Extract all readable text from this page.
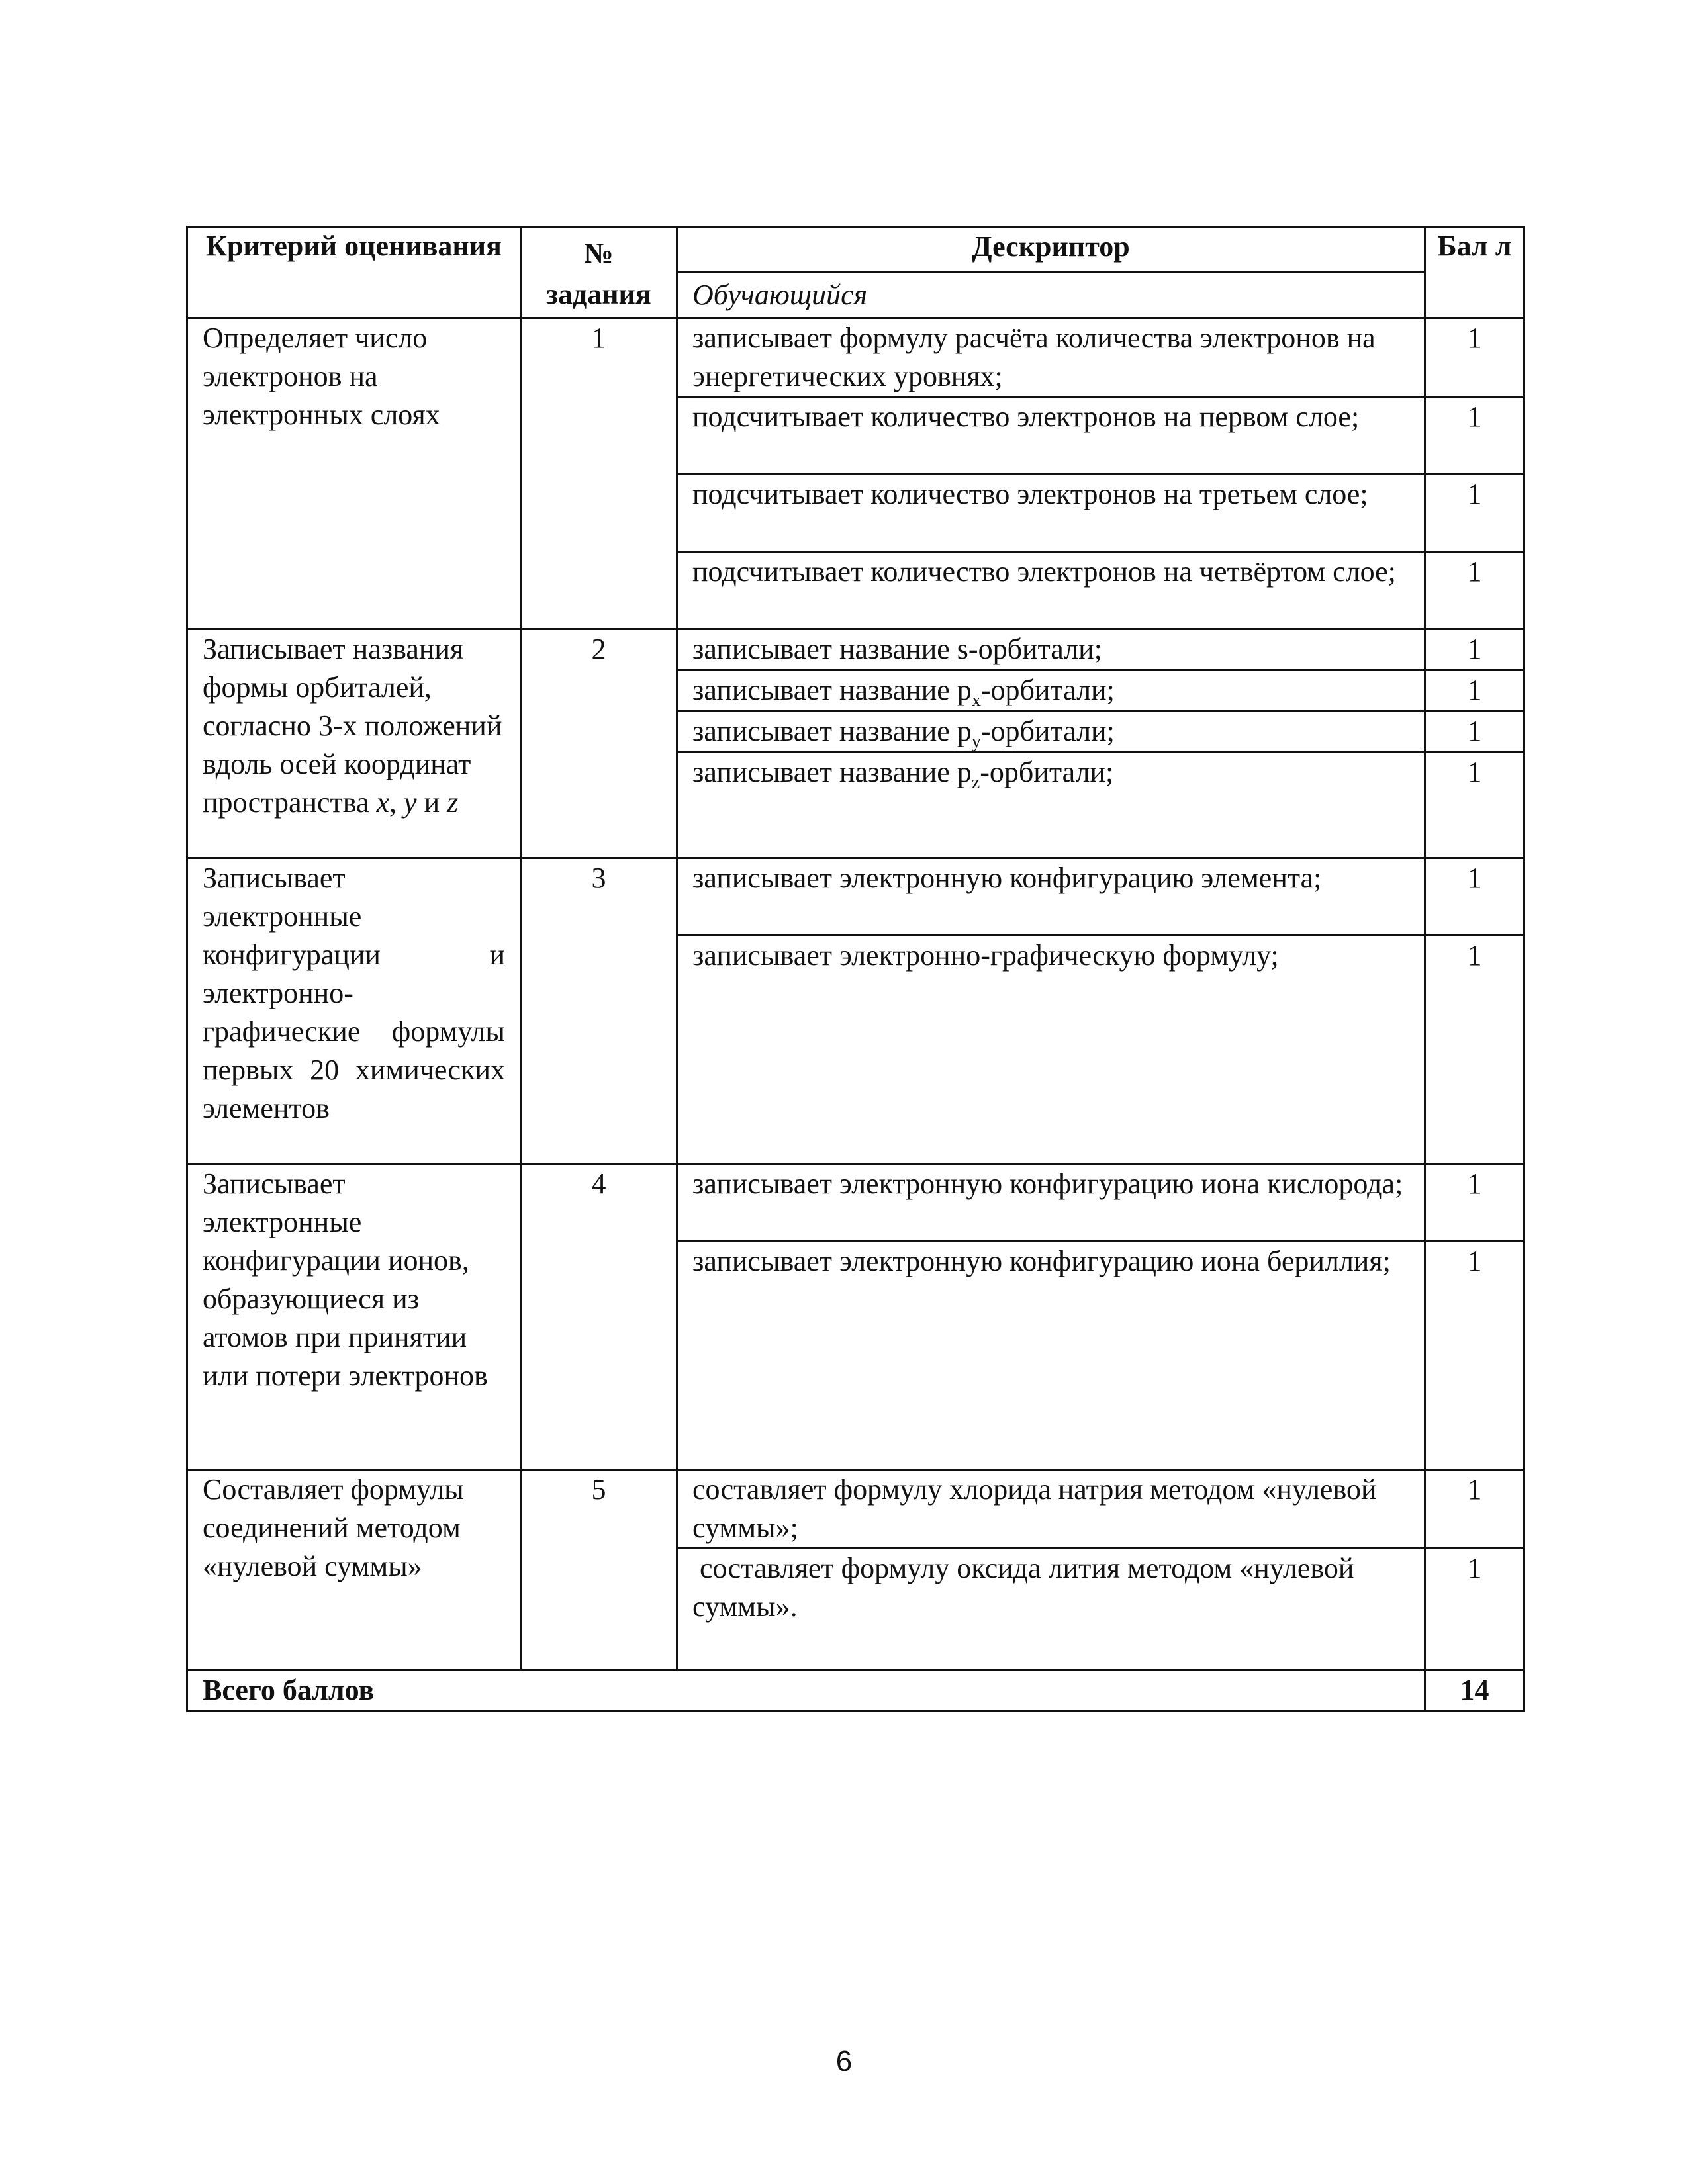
Критерий оценивания	№ задания	Дескриптор	Бал л
		Обучающийся	
Определяет число электронов на электронных слоях	1	записывает формулу расчёта количества электронов на энергетических уровнях;	1
		подсчитывает количество электронов на первом слое;	1
		подсчитывает количество электронов на третьем слое;	1
		подсчитывает количество электронов на четвёртом слое;	1
Записывает названия формы орбиталей, согласно 3-х положений вдоль осей координат пространства x, y и z	2	записывает название s-орбитали;	1
		записывает название $p_x$-орбитали;	1
		записывает название $p_y$-орбитали;	1
		записывает название $p_z$-орбитали;	1
Записывает электронные конфигурации и электронно-графические формулы первых 20 химических элементов	3	записывает электронную конфигурацию элемента;	1
		записывает электронно-графическую формулу;	1
Записывает электронные конфигурации ионов, образующиеся из атомов при принятии или потери электронов	4	записывает электронную конфигурацию иона кислорода;	1
		записывает электронную конфигурацию иона бериллия;	1
Составляет формулы соединений методом «нулевой суммы»	5	составляет формулу хлорида натрия методом «нулевой суммы»;	1
		составляет формулу оксида лития методом «нулевой суммы».	1
Всего баллов			14
6
